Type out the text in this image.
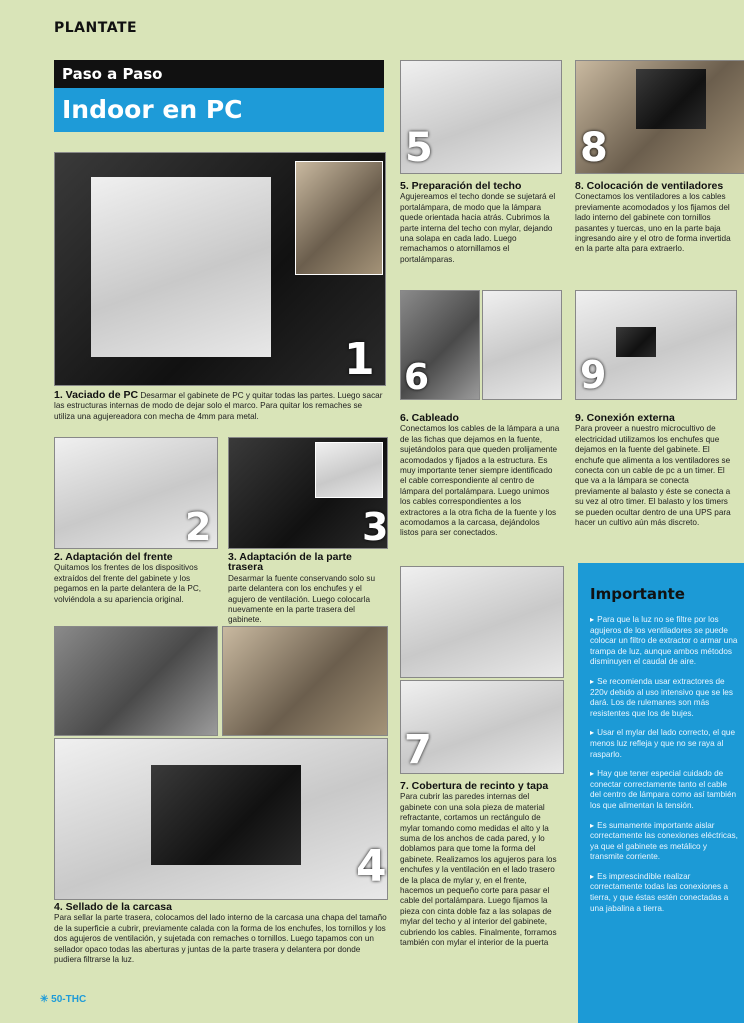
PLANTATE
Paso a Paso
Indoor en PC
1
1. Vaciado de PC Desarmar el gabinete de PC y quitar todas las partes. Luego sacar las estructuras internas de modo de dejar solo el marco. Para quitar los remaches se utiliza una agujereadora con mecha de 4mm para metal.
2
2. Adaptación del frente
Quitamos los frentes de los dispositivos extraídos del frente del gabinete y los pegamos en la parte delantera de la PC, volviéndola a su apariencia original.
3
3. Adaptación de la parte trasera
Desarmar la fuente conservando solo su parte delantera con los enchufes y el agujero de ventilación. Luego colocarla nuevamente en la parte trasera del gabinete.
4
4. Sellado de la carcasa
Para sellar la parte trasera, colocamos del lado interno de la carcasa una chapa del tamaño de la superficie a cubrir, previamente calada con la forma de los enchufes, los tornillos y los dos agujeros de ventilación, y sujetada con remaches o tornillos. Luego tapamos con un sellador opaco todas las aberturas y juntas de la parte trasera y delantera por donde pudiera filtrarse la luz.
5
5. Preparación del techo
Agujereamos el techo donde se sujetará el portalámpara, de modo que la lámpara quede orientada hacia atrás. Cubrimos la parte interna del techo con mylar, dejando una solapa en cada lado. Luego remachamos o atornillamos el portalámparas.
6
6. Cableado
Conectamos los cables de la lámpara a una de las fichas que dejamos en la fuente, sujetándolos para que queden prolijamente acomodados y fijados a la estructura. Es muy importante tener siempre identificado el cable correspondiente al centro de lámpara del portalámpara. Luego unimos los cables correspondientes a los extractores a la otra ficha de la fuente y los acomodamos a la carcasa, dejándolos listos para ser conectados.
7
7. Cobertura de recinto y tapa
Para cubrir las paredes internas del gabinete con una sola pieza de material refractante, cortamos un rectángulo de mylar tomando como medidas el alto y la suma de los anchos de cada pared, y lo doblamos para que tome la forma del gabinete. Realizamos los agujeros para los enchufes y la ventilación en el lado trasero de la placa de mylar y, en el frente, hacemos un pequeño corte para pasar el cable del portalámpara. Luego fijamos la pieza con cinta doble faz a las solapas de mylar del techo y al interior del gabinete, cubriendo los cables. Finalmente, forramos también con mylar el interior de la puerta
8
8. Colocación de ventiladores
Conectamos los ventiladores a los cables previamente acomodados y los fijamos del lado interno del gabinete con tornillos pasantes y tuercas, uno en la parte baja ingresando aire y el otro de forma invertida en la parte alta para extraerlo.
9
9. Conexión externa
Para proveer a nuestro microcultivo de electricidad utilizamos los enchufes que dejamos en la fuente del gabinete. El enchufe que alimenta a los ventiladores se conecta con un cable de pc a un timer. El que va a la lámpara se conecta previamente al balasto y éste se conecta a su vez al otro timer. El balasto y los timers se pueden ocultar dentro de una UPS para hacer un cultivo aún más discreto.
Importante

▸ Para que la luz no se filtre por los agujeros de los ventiladores se puede colocar un filtro de extractor o armar una trampa de luz, aunque ambos métodos disminuyen el caudal de aire.

▸ Se recomienda usar extractores de 220v debido al uso intensivo que se les dará. Los de rulemanes son más resistentes que los de bujes.

▸ Usar el mylar del lado correcto, el que menos luz refleja y que no se raya al rasparlo.

▸ Hay que tener especial cuidado de conectar correctamente tanto el cable del centro de lámpara como así también los que alimentan la tensión.

▸ Es sumamente importante aislar correctamente las conexiones eléctricas, ya que el gabinete es metálico y transmite corriente.

▸ Es imprescindible realizar correctamente todas las conexiones a tierra, y que éstas estén conectadas a una jabalina a tierra.

✳ 50-THC
